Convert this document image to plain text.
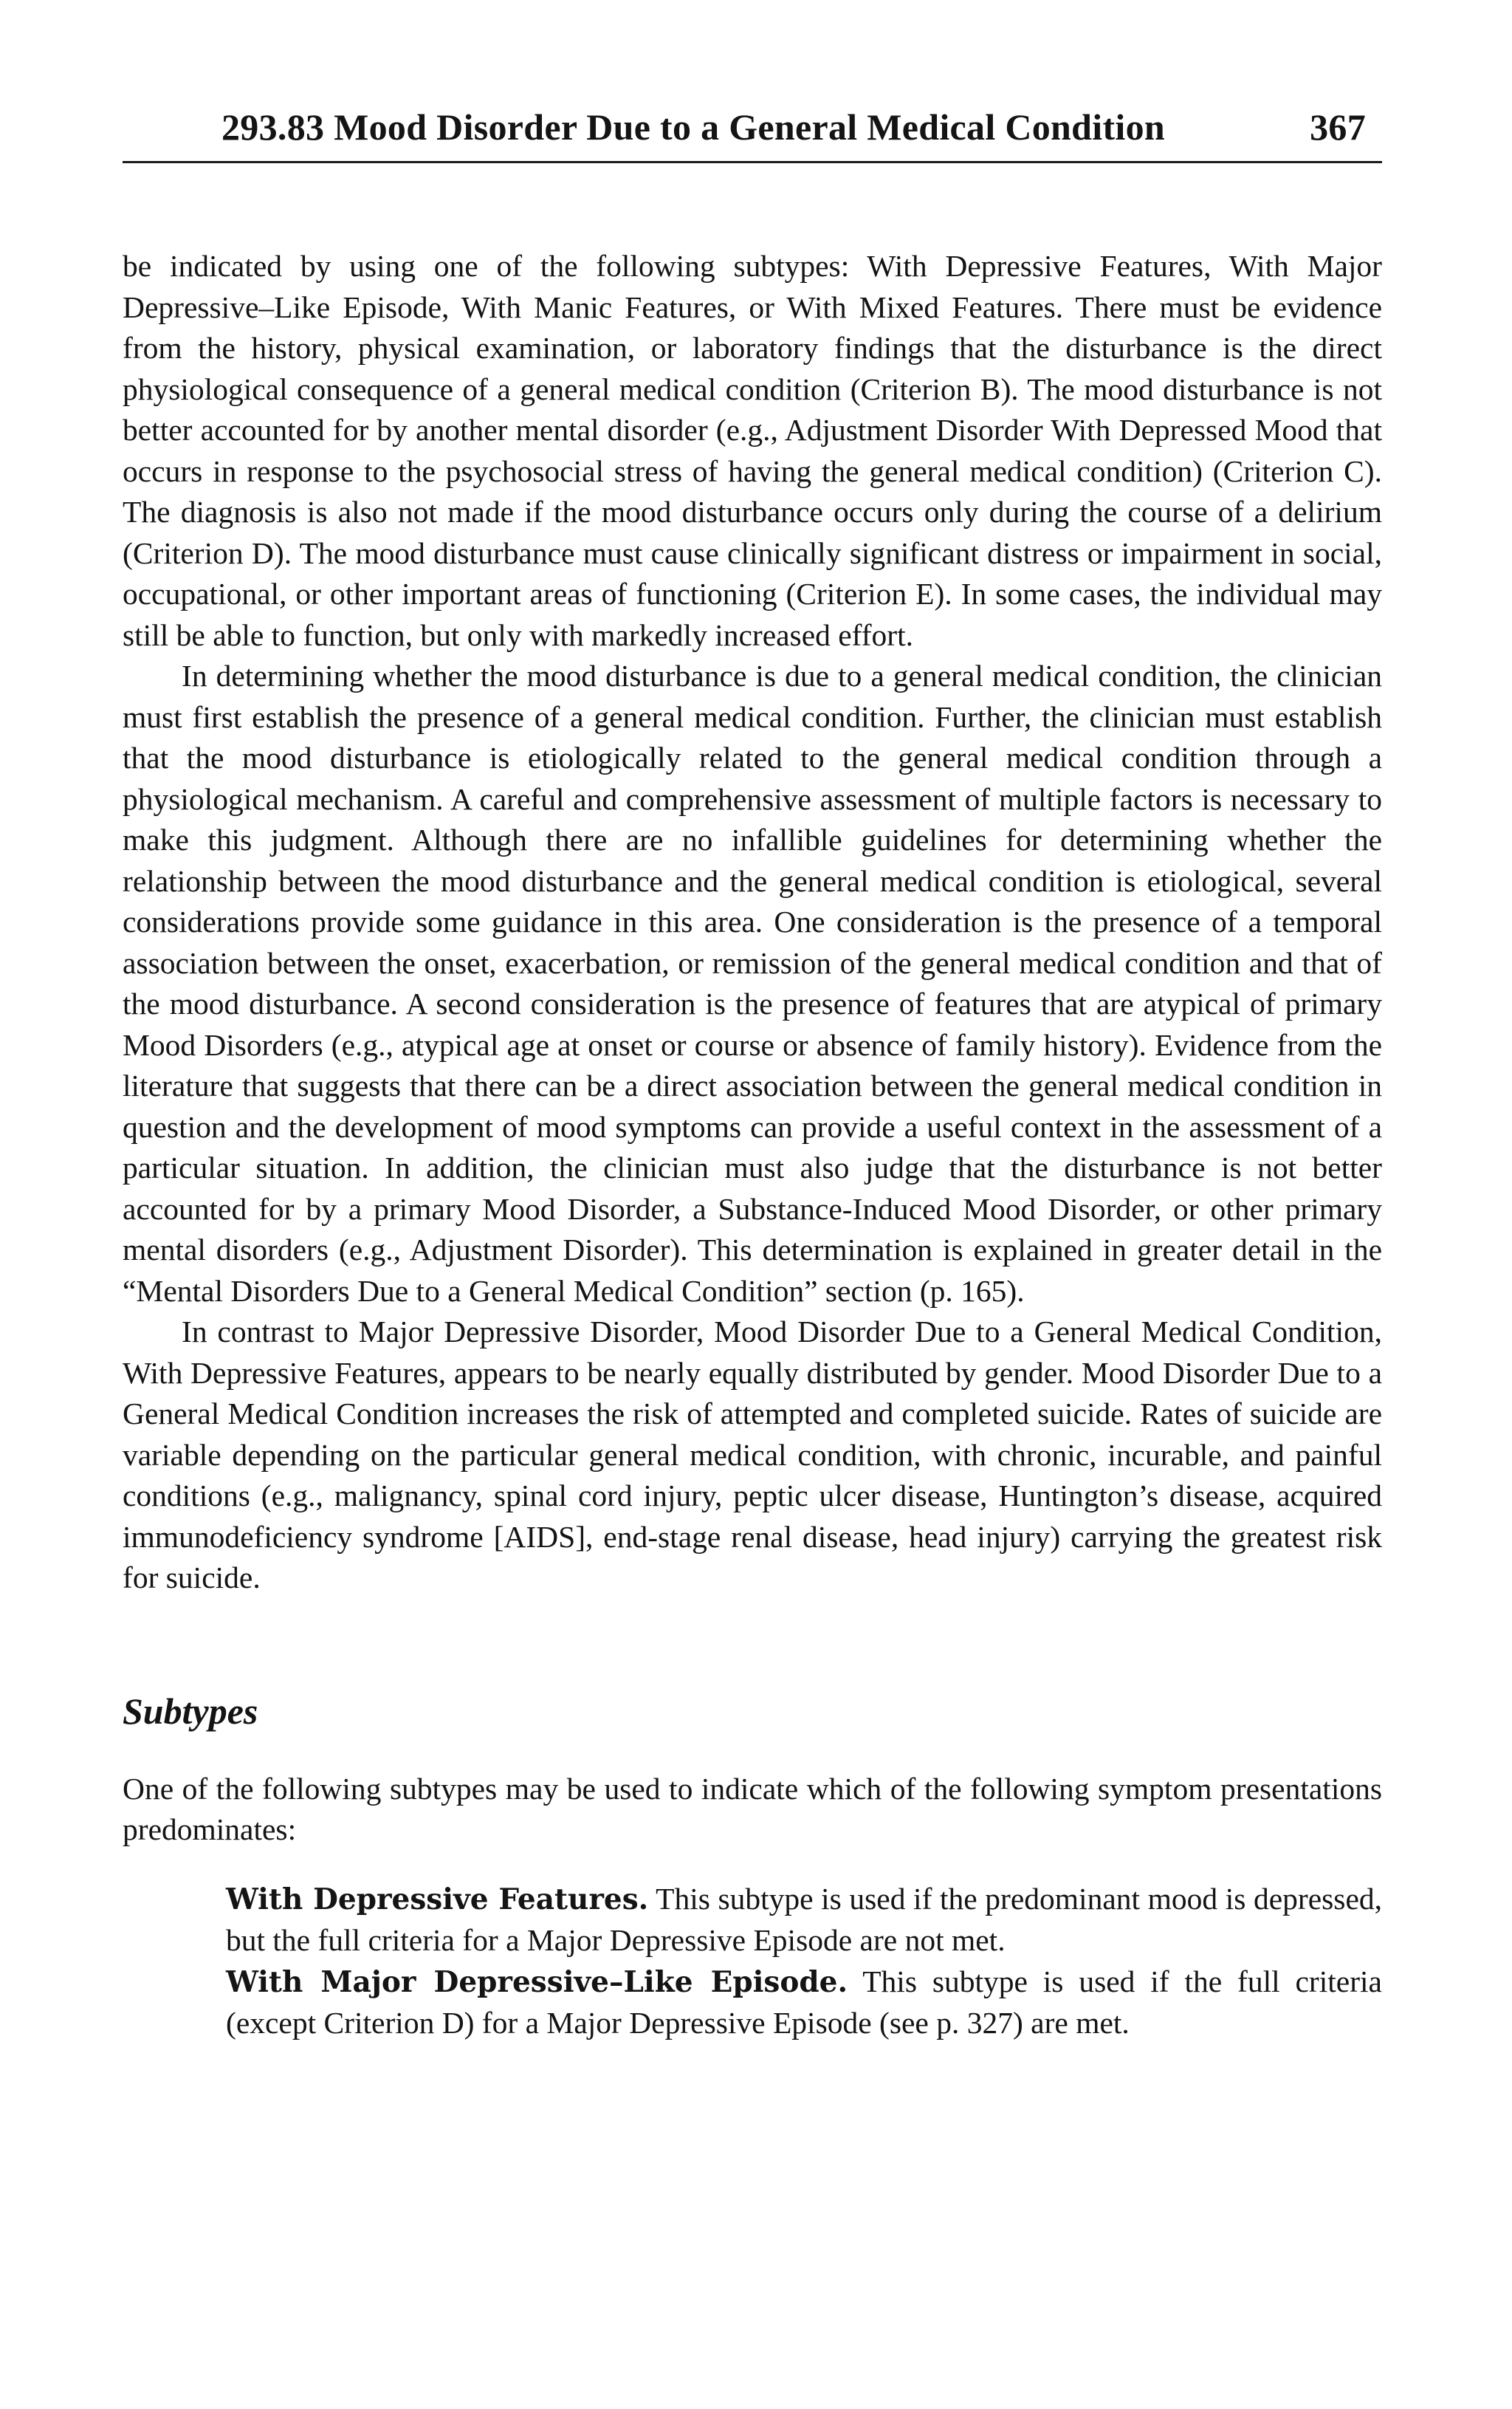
293.83 Mood Disorder Due to a General Medical Condition	367

be indicated by using one of the following subtypes: With Depressive Features, With Major Depressive–Like Episode, With Manic Features, or With Mixed Features. There must be evidence from the history, physical examination, or laboratory findings that the disturbance is the direct physiological consequence of a general medical condition (Criterion B). The mood disturbance is not better accounted for by another mental disorder (e.g., Adjustment Disorder With Depressed Mood that occurs in response to the psychosocial stress of having the general medical condition) (Criterion C). The diagnosis is also not made if the mood disturbance occurs only during the course of a delirium (Criterion D). The mood disturbance must cause clinically significant distress or impairment in social, occupational, or other important areas of functioning (Criterion E). In some cases, the individual may still be able to function, but only with markedly increased effort.

In determining whether the mood disturbance is due to a general medical condition, the clinician must first establish the presence of a general medical condition. Further, the clinician must establish that the mood disturbance is etiologically related to the general medical condition through a physiological mechanism. A careful and comprehensive assessment of multiple factors is necessary to make this judgment. Although there are no infallible guidelines for determining whether the relationship between the mood disturbance and the general medical condition is etiological, several considerations provide some guidance in this area. One consideration is the presence of a temporal association between the onset, exacerbation, or remission of the general medical condition and that of the mood disturbance. A second consideration is the presence of features that are atypical of primary Mood Disorders (e.g., atypical age at onset or course or absence of family history). Evidence from the literature that suggests that there can be a direct association between the general medical condition in question and the development of mood symptoms can provide a useful context in the assessment of a particular situation. In addition, the clinician must also judge that the disturbance is not better accounted for by a primary Mood Disorder, a Substance-Induced Mood Disorder, or other primary mental disorders (e.g., Adjustment Disorder). This determination is explained in greater detail in the “Mental Disorders Due to a General Medical Condition” section (p. 165).

In contrast to Major Depressive Disorder, Mood Disorder Due to a General Medical Condition, With Depressive Features, appears to be nearly equally distributed by gender. Mood Disorder Due to a General Medical Condition increases the risk of attempted and completed suicide. Rates of suicide are variable depending on the particular general medical condition, with chronic, incurable, and painful conditions (e.g., malignancy, spinal cord injury, peptic ulcer disease, Huntington’s disease, acquired immunodeficiency syndrome [AIDS], end-stage renal disease, head injury) carrying the greatest risk for suicide.

Subtypes

One of the following subtypes may be used to indicate which of the following symptom presentations predominates:

With Depressive Features. This subtype is used if the predominant mood is depressed, but the full criteria for a Major Depressive Episode are not met.

With Major Depressive–Like Episode. This subtype is used if the full criteria (except Criterion D) for a Major Depressive Episode (see p. 327) are met.
